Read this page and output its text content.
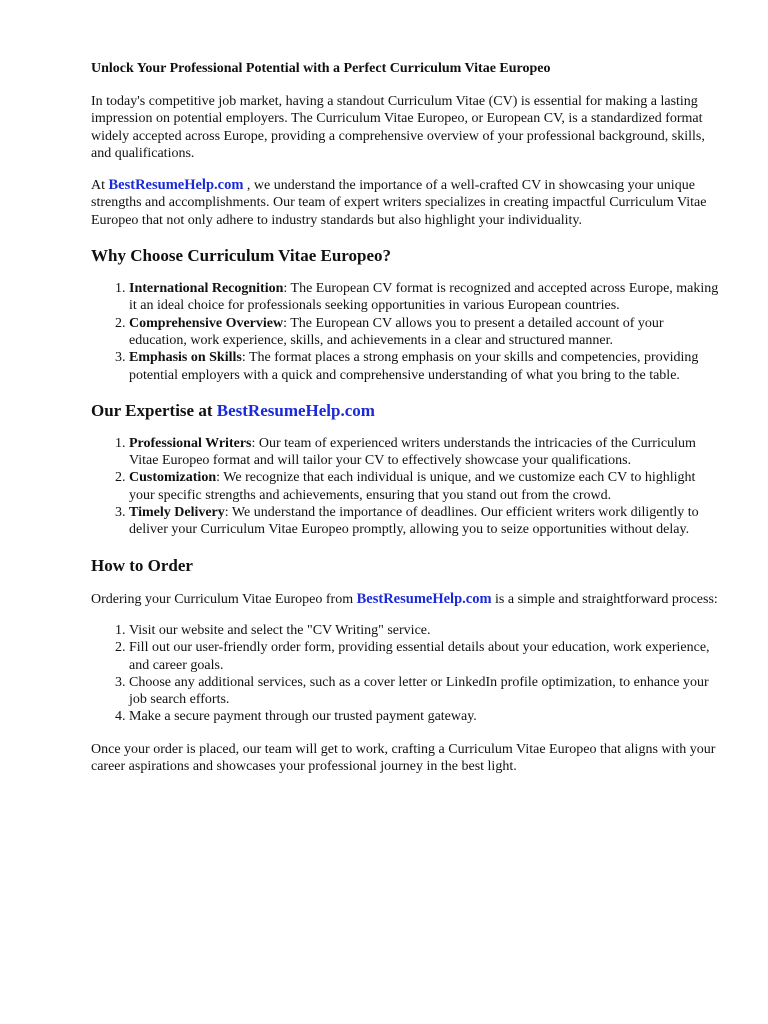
Unlock Your Professional Potential with a Perfect Curriculum Vitae Europeo

In today's competitive job market, having a standout Curriculum Vitae (CV) is essential for making a lasting impression on potential employers. The Curriculum Vitae Europeo, or European CV, is a standardized format widely accepted across Europe, providing a comprehensive overview of your professional background, skills, and qualifications.

At BestResumeHelp.com , we understand the importance of a well-crafted CV in showcasing your unique strengths and accomplishments. Our team of expert writers specializes in creating impactful Curriculum Vitae Europeo that not only adhere to industry standards but also highlight your individuality.

Why Choose Curriculum Vitae Europeo?
1. International Recognition: The European CV format is recognized and accepted across Europe, making it an ideal choice for professionals seeking opportunities in various European countries.
2. Comprehensive Overview: The European CV allows you to present a detailed account of your education, work experience, skills, and achievements in a clear and structured manner.
3. Emphasis on Skills: The format places a strong emphasis on your skills and competencies, providing potential employers with a quick and comprehensive understanding of what you bring to the table.
Our Expertise at BestResumeHelp.com
1. Professional Writers: Our team of experienced writers understands the intricacies of the Curriculum Vitae Europeo format and will tailor your CV to effectively showcase your qualifications.
2. Customization: We recognize that each individual is unique, and we customize each CV to highlight your specific strengths and achievements, ensuring that you stand out from the crowd.
3. Timely Delivery: We understand the importance of deadlines. Our efficient writers work diligently to deliver your Curriculum Vitae Europeo promptly, allowing you to seize opportunities without delay.
How to Order

Ordering your Curriculum Vitae Europeo from BestResumeHelp.com is a simple and straightforward process:

1. Visit our website and select the "CV Writing" service.
2. Fill out our user-friendly order form, providing essential details about your education, work experience, and career goals.
3. Choose any additional services, such as a cover letter or LinkedIn profile optimization, to enhance your job search efforts.
4. Make a secure payment through our trusted payment gateway.

Once your order is placed, our team will get to work, crafting a Curriculum Vitae Europeo that aligns with your career aspirations and showcases your professional journey in the best light.
